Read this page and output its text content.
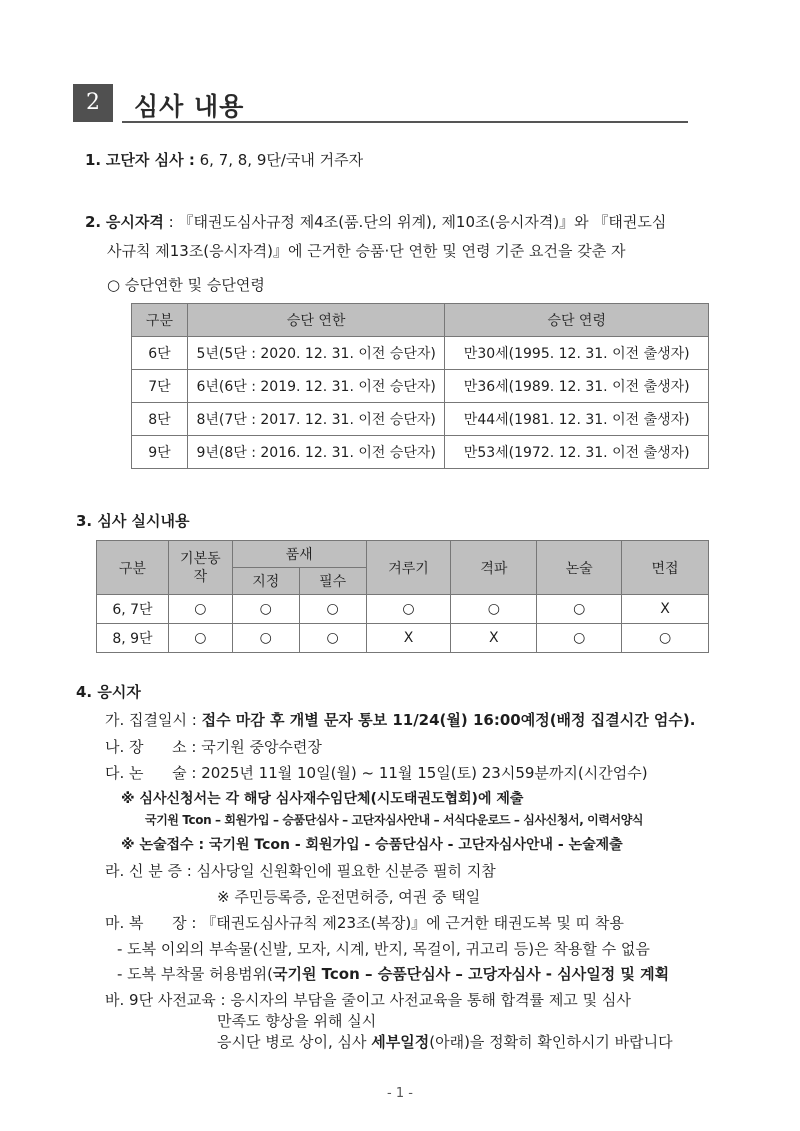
2	심사 내용
1. 고단자 심사 : 6, 7, 8, 9단/국내 거주자
2. 응시자격 : 『태권도심사규정 제4조(품.단의 위계), 제10조(응시자격)』와 『태권도심
사규칙 제13조(응시자격)』에 근거한 승품·단 연한 및 연령 기준 요건을 갖춘 자
○ 승단연한 및 승단연령
구분	승단 연한	승단 연령
6단	5년(5단 : 2020. 12. 31. 이전 승단자)	만30세(1995. 12. 31. 이전 출생자)
7단	6년(6단 : 2019. 12. 31. 이전 승단자)	만36세(1989. 12. 31. 이전 출생자)
8단	8년(7단 : 2017. 12. 31. 이전 승단자)	만44세(1981. 12. 31. 이전 출생자)
9단	9년(8단 : 2016. 12. 31. 이전 승단자)	만53세(1972. 12. 31. 이전 출생자)
3. 심사 실시내용
구분	기본동작	품새		겨루기	격파	논술	면접
		지정	필수				
6, 7단	○	○	○	○	○	○	X
8, 9단	○	○	○	X	X	○	○
4. 응시자
가. 집결일시 : 접수 마감 후 개별 문자 통보 11/24(월) 16:00예정(배정 집결시간 엄수).
나. 장      소 : 국기원 중앙수련장
다. 논      술 : 2025년 11월 10일(월) ~ 11월 15일(토) 23시59분까지(시간엄수)
※ 심사신청서는 각 해당 심사재수임단체(시도태권도협회)에 제출
국기원 Tcon – 회원가입 – 승품단심사 – 고단자심사안내 – 서식다운로드 – 심사신청서, 이력서양식
※ 논술접수 : 국기원 Tcon - 회원가입 - 승품단심사 - 고단자심사안내 - 논술제출
라. 신 분 증 : 심사당일 신원확인에 필요한 신분증 필히 지참
※ 주민등록증, 운전면허증, 여권 중 택일
마. 복      장 : 『태권도심사규칙 제23조(복장)』에 근거한 태권도복 및 띠 착용
- 도복 이외의 부속물(신발, 모자, 시계, 반지, 목걸이, 귀고리 등)은 착용할 수 없음
- 도복 부착물 허용범위(국기원 Tcon – 승품단심사 – 고당자심사 - 심사일정 및 계획
바. 9단 사전교육 : 응시자의 부담을 줄이고 사전교육을 통해 합격률 제고 및 심사
만족도 향상을 위해 실시
응시단 병로 상이, 심사 세부일정(아래)을 정확히 확인하시기 바랍니다
- 1 -
